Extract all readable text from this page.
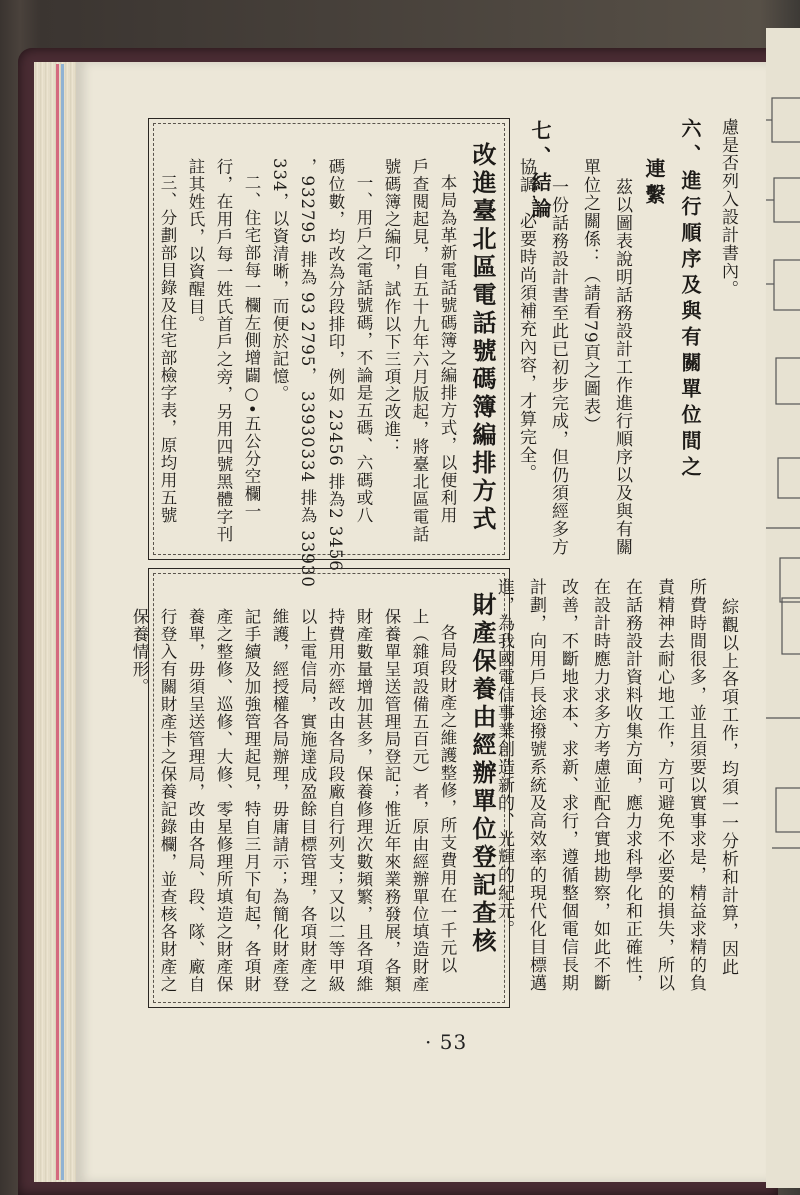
慮是否列入設計書內。
六、進行順序及與有關單位間之
連繫
茲以圖表說明話務設計工作進行順序以及與有關
單位之關係：（請看79頁之圖表）
一份話務設計書至此已初步完成，但仍須經多方
協調，必要時尚須補充內容，才算完全。
七、結論
綜觀以上各項工作，均須一一分析和計算，因此
所費時間很多，並且須要以實事求是，精益求精的負
責精神去耐心地工作，方可避免不必要的損失，所以
在話務設計資料收集方面，應力求科學化和正確性，
在設計時應力求多方考慮並配合實地勘察，如此不斷
改善，不斷地求本、求新、求行，遵循整個電信長期
計劃，向用戶長途撥號系統及高效率的現代化目標邁
進，為我國電信事業創造新的、光輝的紀元。
改進臺北區電話號碼簿編排方式
本局為革新電話號碼簿之編排方式，以便利用
戶查閱起見，自五十九年六月版起，將臺北區電話
號碼簿之編印，試作以下三項之改進：
一、用戶之電話號碼，不論是五碼、六碼或八
碼位數，均改為分段排印，例如 23456 排為2 3456
，932795 排為 93 2795， 33930334 排為 33930
334，以資清晰，而便於記憶。
二、住宅部每一欄左側增闢○•五公分空欄一
行，在用戶每一姓氏首戶之旁，另用四號黑體字刊
註其姓氏，以資醒目。
三、分劃部目錄及住宅部檢字表，原均用五號
財產保養由經辦單位登記查核
各局段財產之維護整修，所支費用在一千元以
上（雜項設備五百元）者，原由經辦單位填造財產
保養單呈送管理局登記；惟近年來業務發展，各類
財產數量增加甚多，保養修理次數頻繁，且各項維
持費用亦經改由各局段廠自行列支；又以二等甲級
以上電信局，實施達成盈餘目標管理，各項財產之
維護，經授權各局辦理，毋庸請示；為簡化財產登
記手續及加強管理起見，特自三月下旬起，各項財
產之整修、巡修、大修、零星修理所填造之財產保
養單，毋須呈送管理局，改由各局、段、隊、廠自
行登入有關財產卡之保養記錄欄，並查核各財產之
保養情形。
· 53
